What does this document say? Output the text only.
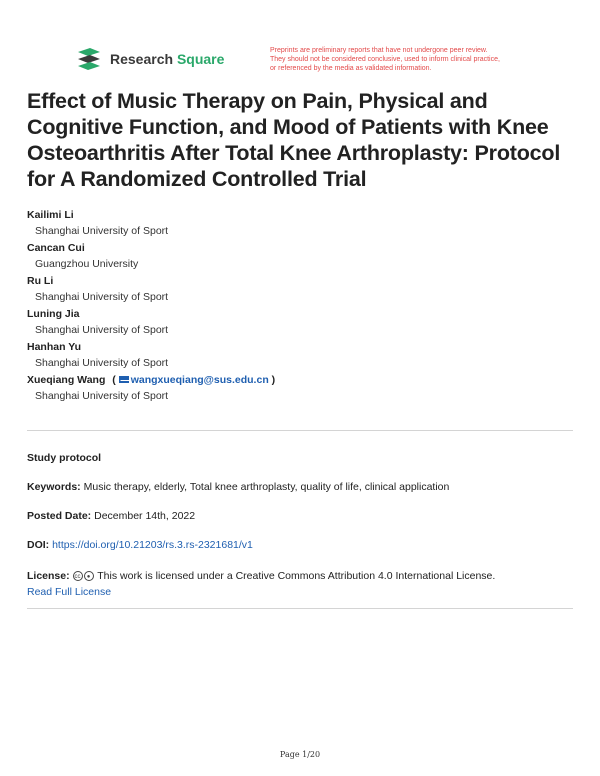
Research Square
Preprints are preliminary reports that have not undergone peer review.
They should not be considered conclusive, used to inform clinical practice,
or referenced by the media as validated information.
Effect of Music Therapy on Pain, Physical and Cognitive Function, and Mood of Patients with Knee Osteoarthritis After Total Knee Arthroplasty: Protocol for A Randomized Controlled Trial
Kailimi Li
Shanghai University of Sport
Cancan Cui
Guangzhou University
Ru Li
Shanghai University of Sport
Luning Jia
Shanghai University of Sport
Hanhan Yu
Shanghai University of Sport
Xueqiang Wang ( wangxueqiang@sus.edu.cn )
Shanghai University of Sport
Study protocol
Keywords: Music therapy, elderly, Total knee arthroplasty, quality of life, clinical application
Posted Date: December 14th, 2022
DOI: https://doi.org/10.21203/rs.3.rs-2321681/v1
License: cc ● This work is licensed under a Creative Commons Attribution 4.0 International License.
Read Full License
Page 1/20
